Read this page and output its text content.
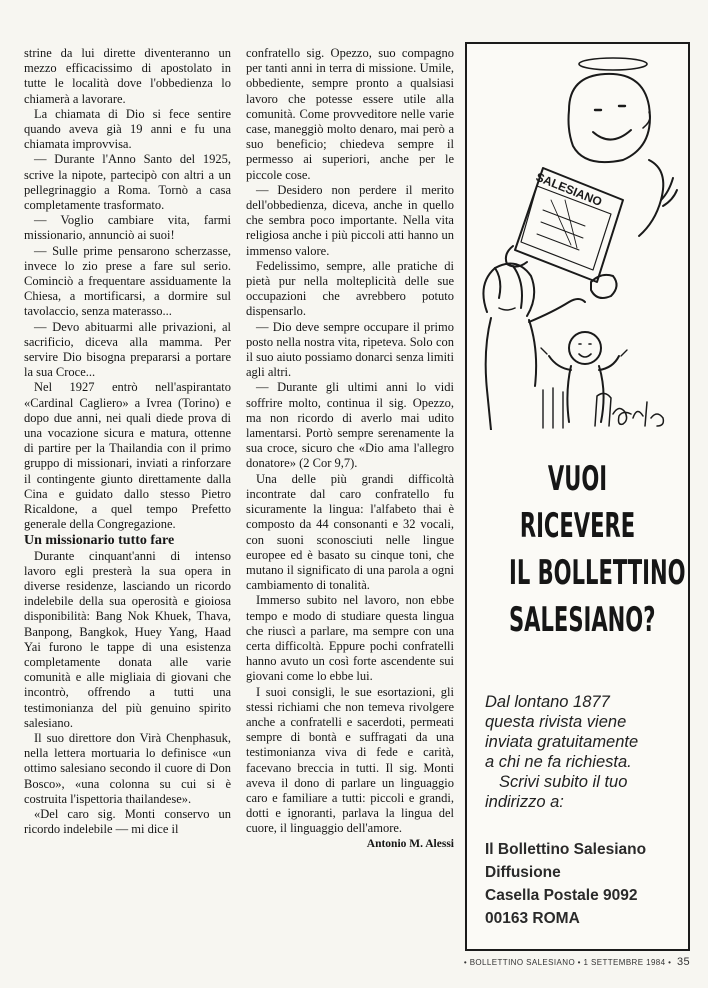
strine da lui dirette diventeranno un mezzo efficacissimo di apostolato in tutte le località dove l'obbedienza lo chiamerà a lavorare.

La chiamata di Dio si fece sentire quando aveva già 19 anni e fu una chiamata improvvisa.

— Durante l'Anno Santo del 1925, scrive la nipote, partecipò con altri a un pellegrinaggio a Roma. Tornò a casa completamente trasformato.

— Voglio cambiare vita, farmi missionario, annunciò ai suoi!

— Sulle prime pensarono scherzasse, invece lo zio prese a fare sul serio. Cominciò a frequentare assiduamente la Chiesa, a mortificarsi, a dormire sul tavolaccio, senza materasso...

— Devo abituarmi alle privazioni, al sacrificio, diceva alla mamma. Per servire Dio bisogna prepararsi a portare la sua Croce...

Nel 1927 entrò nell'aspirantato «Cardinal Cagliero» a Ivrea (Torino) e dopo due anni, nei quali diede prova di una vocazione sicura e matura, ottenne di partire per la Thailandia con il primo gruppo di missionari, inviati a rinforzare il contingente giunto direttamente dalla Cina e guidato dallo stesso Pietro Ricaldone, a quel tempo Prefetto generale della Congregazione.

Un missionario tutto fare

Durante cinquant'anni di intenso lavoro egli presterà la sua opera in diverse residenze, lasciando un ricordo indelebile della sua operosità e gioiosa disponibilità: Bang Nok Khuek, Thava, Banpong, Bangkok, Huey Yang, Haad Yai furono le tappe di una esistenza completamente donata alle varie comunità e alle migliaia di giovani che incontrò, offrendo a tutti una testimonianza del più genuino spirito salesiano.

Il suo direttore don Virà Chenphasuk, nella lettera mortuaria lo definisce «un ottimo salesiano secondo il cuore di Don Bosco», «una colonna su cui si è costruita l'ispettoria thailandese».

«Del caro sig. Monti conservo un ricordo indelebile — mi dice il

confratello sig. Opezzo, suo compagno per tanti anni in terra di missione. Umile, obbediente, sempre pronto a qualsiasi lavoro che potesse essere utile alla comunità. Come provveditore nelle varie case, maneggiò molto denaro, mai però a suo beneficio; chiedeva sempre il permesso ai superiori, anche per le piccole cose.

— Desidero non perdere il merito dell'obbedienza, diceva, anche in quello che sembra poco importante. Nella vita religiosa anche i più piccoli atti hanno un immenso valore.

Fedelissimo, sempre, alle pratiche di pietà pur nella molteplicità delle sue occupazioni che avrebbero potuto dispensarlo.

— Dio deve sempre occupare il primo posto nella nostra vita, ripeteva. Solo con il suo aiuto possiamo donarci senza limiti agli altri.

— Durante gli ultimi anni lo vidi soffrire molto, continua il sig. Opezzo, ma non ricordo di averlo mai udito lamentarsi. Portò sempre serenamente la sua croce, sicuro che «Dio ama l'allegro donatore» (2 Cor 9,7).

Una delle più grandi difficoltà incontrate dal caro confratello fu sicuramente la lingua: l'alfabeto thai è composto da 44 consonanti e 32 vocali, con suoni sconosciuti nelle lingue europee ed è basato su cinque toni, che mutano il significato di una parola a ogni cambiamento di tonalità.

Immerso subito nel lavoro, non ebbe tempo e modo di studiare questa lingua che riuscì a parlare, ma sempre con una certa difficoltà. Eppure pochi confratelli hanno avuto un così forte ascendente sui giovani come lo ebbe lui.

I suoi consigli, le sue esortazioni, gli stessi richiami che non temeva rivolgere anche a confratelli e sacerdoti, permeati sempre di bontà e suffragati da una testimonianza viva di fede e carità, facevano breccia in tutti. Il sig. Monti aveva il dono di parlare un linguaggio caro e familiare a tutti: piccoli e grandi, dotti e ignoranti, parlava la lingua del cuore, il linguaggio dell'amore.

Antonio M. Alessi

SALESIANO
VUOI
RICEVERE
IL BOLLETTINO
SALESIANO?

Dal lontano 1877

questa rivista viene

inviata gratuitamente

a chi ne fa richiesta.

Scrivi subito il tuo

indirizzo a:

Il Bollettino Salesiano
Diffusione
Casella Postale 9092
00163 ROMA
• BOLLETTINO SALESIANO • 1 SETTEMBRE 1984 • 35
